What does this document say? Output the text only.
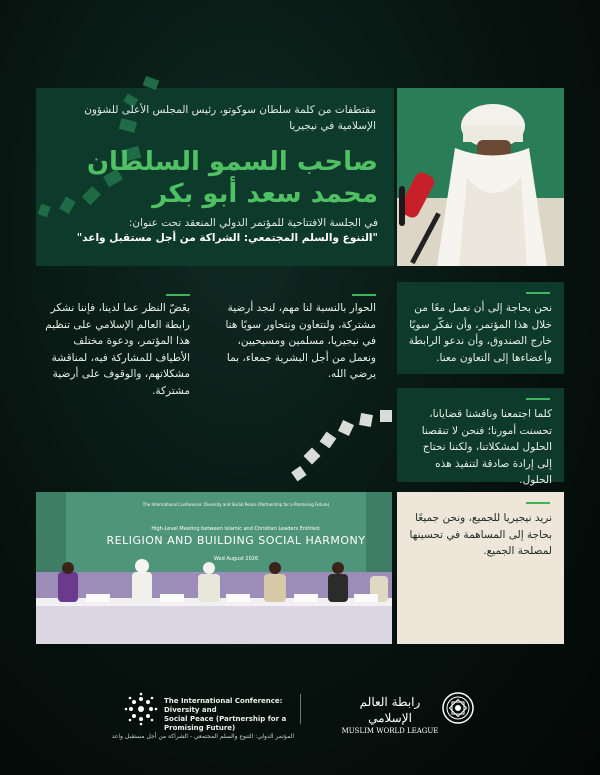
مقتطفات من كلمة سلطان سوكوتو، رئيس المجلس الأعلى للشؤون الإسلامية في نيجيريا
صاحب السمو السلطان
محمد سعد أبو بكر
في الجلسة الافتتاحية للمؤتمر الدولي المنعقد تحت عنوان:
"التنوع والسلم المجتمعي: الشراكة من أجل مستقبل واعد"
بغَضّ النظر عما لدينا، فإننا نشكر رابطة العالم الإسلامي على تنظيم هذا المؤتمر، ودعوة مختلف الأطياف للمشاركة فيه، لمناقشة مشكلاتهم، والوقوف على أرضية مشتركة.
الحوار بالنسبة لنا مهم، لنجد أرضية مشتركة، ولنتعاون ونتحاور سويًا هنا في نيجيريا، مسلمين ومسيحيين، ونعمل من أجل البشرية جمعاء، بما يرضي الله.
نحن بحاجة إلى أن نعمل معًا من خلال هذا المؤتمر، وأن نفكّر سويًا خارج الصندوق، وأن ندعو الرابطة وأعضاءها إلى التعاون معنا.
كلما اجتمعنا وناقشنا قضايانا، تحسنت أمورنا؛ فنحن لا تنقصنا الحلول لمشكلاتنا، ولكننا نحتاج إلى إرادة صادقة لتنفيذ هذه الحلول.
The International Conference: Diversity and Social Peace (Partnership for a Promising Future)
High-Level Meeting between Islamic and Christian Leaders Entitled:
RELIGION AND BUILDING SOCIAL HARMONY
Wed August 2026
نريد نيجيريا للجميع، ونحن جميعًا بحاجة إلى المساهمة في تحسينها لمصلحة الجميع.
The International Conference: Diversity and
Social Peace (Partnership for a Promising Future)
المؤتمر الدولي: التنوع والسلم المجتمعي - الشراكة من أجل مستقبل واعد
رابطة العالم الإسلامي
MUSLIM WORLD LEAGUE
